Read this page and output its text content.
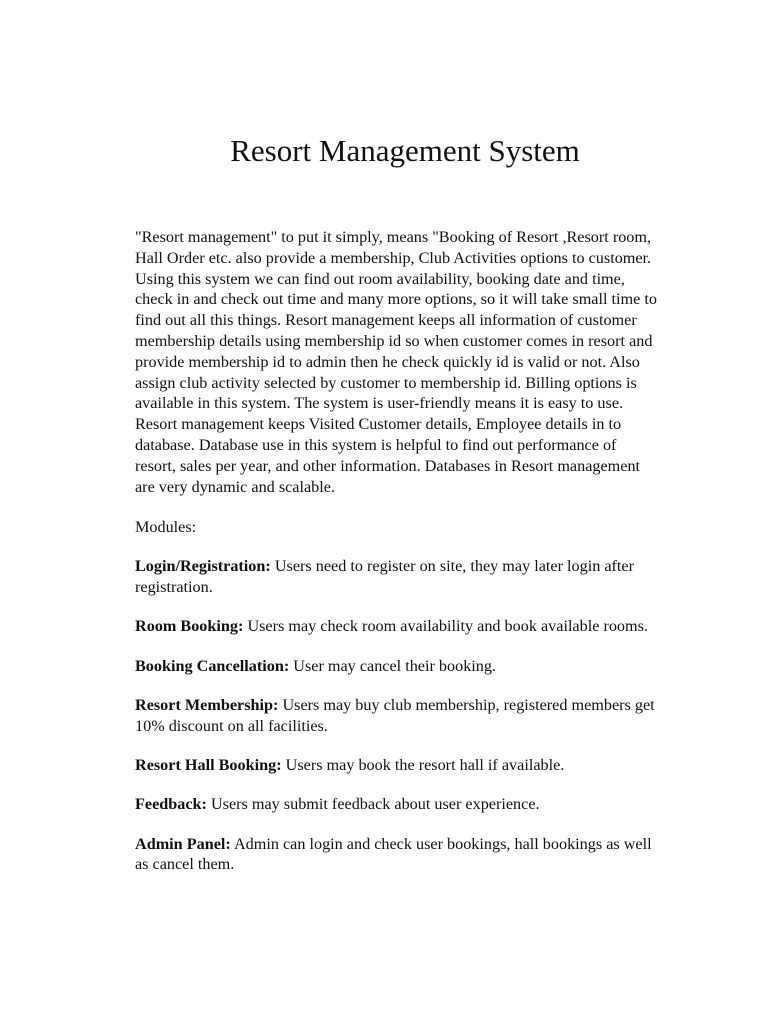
Resort Management System

"Resort management" to put it simply, means "Booking of Resort ,Resort room, Hall Order etc. also provide a membership, Club Activities options to customer. Using this system we can find out room availability, booking date and time, check in and check out time and many more options, so it will take small time to find out all this things. Resort management keeps all information of customer membership details using membership id so when customer comes in resort and provide membership id to admin then he check quickly id is valid or not. Also assign club activity selected by customer to membership id. Billing options is available in this system. The system is user-friendly means it is easy to use. Resort management keeps Visited Customer details, Employee details in to database. Database use in this system is helpful to find out performance of resort, sales per year, and other information. Databases in Resort management are very dynamic and scalable.

Modules:

Login/Registration: Users need to register on site, they may later login after registration.

Room Booking: Users may check room availability and book available rooms.

Booking Cancellation: User may cancel their booking.

Resort Membership: Users may buy club membership, registered members get 10% discount on all facilities.

Resort Hall Booking: Users may book the resort hall if available.

Feedback: Users may submit feedback about user experience.

Admin Panel: Admin can login and check user bookings, hall bookings as well as cancel them.
